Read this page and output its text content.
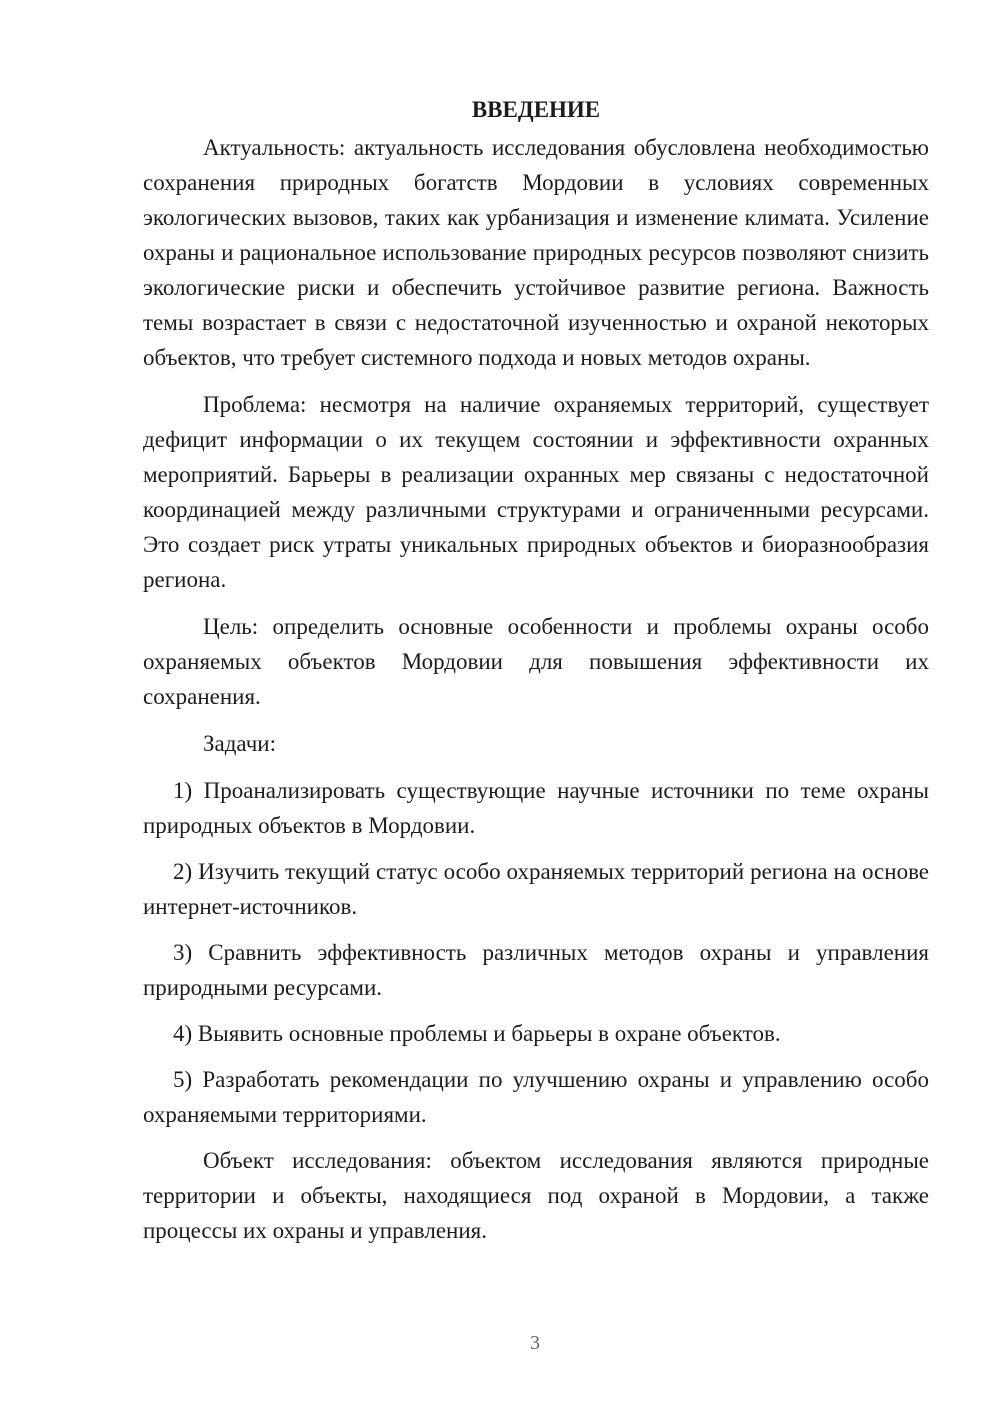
ВВЕДЕНИЕ

Актуальность: актуальность исследования обусловлена необходимостью сохранения природных богатств Мордовии в условиях современных экологических вызовов, таких как урбанизация и изменение климата. Усиление охраны и рациональное использование природных ресурсов позволяют снизить экологические риски и обеспечить устойчивое развитие региона. Важность темы возрастает в связи с недостаточной изученностью и охраной некоторых объектов, что требует системного подхода и новых методов охраны.

Проблема: несмотря на наличие охраняемых территорий, существует дефицит информации о их текущем состоянии и эффективности охранных мероприятий. Барьеры в реализации охранных мер связаны с недостаточной координацией между различными структурами и ограниченными ресурсами. Это создает риск утраты уникальных природных объектов и биоразнообразия региона.

Цель: определить основные особенности и проблемы охраны особо охраняемых объектов Мордовии для повышения эффективности их сохранения.

Задачи:

1) Проанализировать существующие научные источники по теме охраны природных объектов в Мордовии.

2) Изучить текущий статус особо охраняемых территорий региона на основе интернет-источников.

3) Сравнить эффективность различных методов охраны и управления природными ресурсами.

4) Выявить основные проблемы и барьеры в охране объектов.

5) Разработать рекомендации по улучшению охраны и управлению особо охраняемыми территориями.

Объект исследования: объектом исследования являются природные территории и объекты, находящиеся под охраной в Мордовии, а также процессы их охраны и управления.

3
